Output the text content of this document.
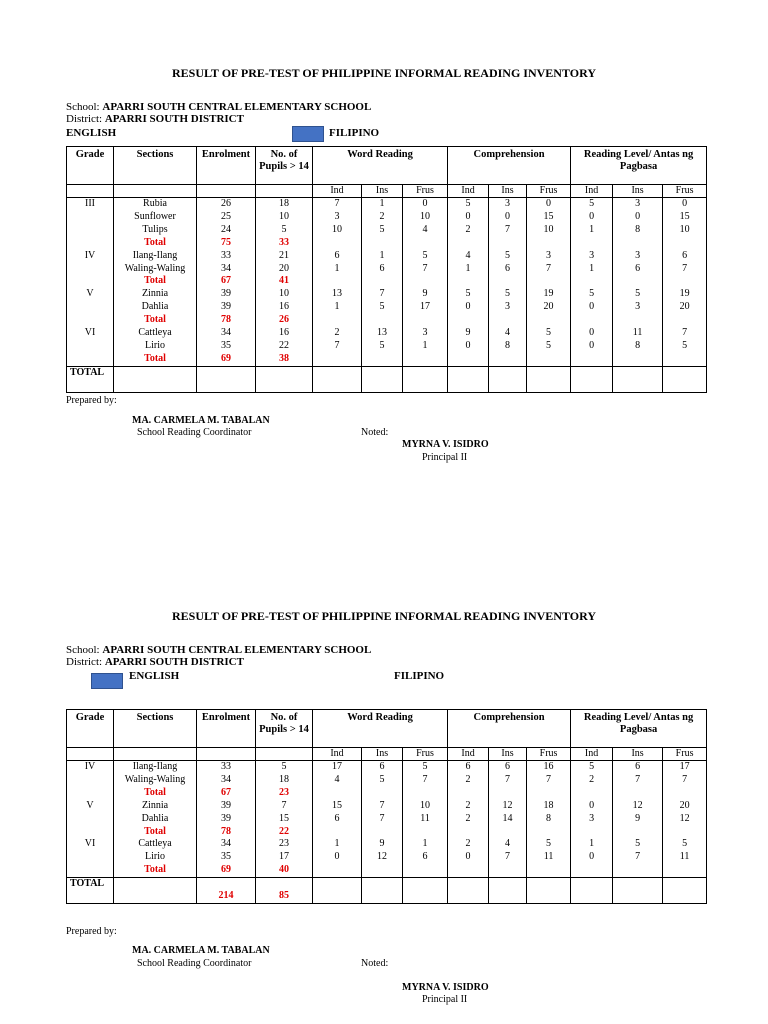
RESULT OF PRE-TEST OF PHILIPPINE INFORMAL READING INVENTORY
School: APARRI SOUTH CENTRAL ELEMENTARY SCHOOL
District: APARRI SOUTH DISTRICT
ENGLISH	FILIPINO
Grade	Sections	Enrolment	No. of Pupils > 14	Word Reading			Comprehension			Reading Level/ Antas ng Pagbasa		
				Ind	Ins	Frus	Ind	Ins	Frus	Ind	Ins	Frus
III	Rubia	26	18	7	1	0	5	3	0	5	3	0
	Sunflower	25	10	3	2	10	0	0	15	0	0	15
	Tulips	24	5	10	5	4	2	7	10	1	8	10
	Total	75	33									
IV	Ilang-Ilang	33	21	6	1	5	4	5	3	3	3	6
	Waling-Waling	34	20	1	6	7	1	6	7	1	6	7
	Total	67	41									
V	Zinnia	39	10	13	7	9	5	5	19	5	5	19
	Dahlia	39	16	1	5	17	0	3	20	0	3	20
	Total	78	26									
VI	Cattleya	34	16	2	13	3	9	4	5	0	11	7
	Lirio	35	22	7	5	1	0	8	5	0	8	5
	Total	69	38									
TOTAL												
Prepared by:
MA. CARMELA M. TABALAN
School Reading Coordinator	Noted:
MYRNA V. ISIDRO
Principal II
RESULT OF PRE-TEST OF PHILIPPINE INFORMAL READING INVENTORY
School: APARRI SOUTH CENTRAL ELEMENTARY SCHOOL
District: APARRI SOUTH DISTRICT
ENGLISH	FILIPINO
Grade	Sections	Enrolment	No. of Pupils > 14	Word Reading			Comprehension			Reading Level/ Antas ng Pagbasa		
				Ind	Ins	Frus	Ind	Ins	Frus	Ind	Ins	Frus
IV	Ilang-Ilang	33	5	17	6	5	6	6	16	5	6	17
	Waling-Waling	34	18	4	5	7	2	7	7	2	7	7
	Total	67	23									
V	Zinnia	39	7	15	7	10	2	12	18	0	12	20
	Dahlia	39	15	6	7	11	2	14	8	3	9	12
	Total	78	22									
VI	Cattleya	34	23	1	9	1	2	4	5	1	5	5
	Lirio	35	17	0	12	6	0	7	11	0	7	11
	Total	69	40									
TOTAL		214	85									
Prepared by:
MA. CARMELA M. TABALAN
School Reading Coordinator	Noted:
MYRNA V. ISIDRO
Principal II
